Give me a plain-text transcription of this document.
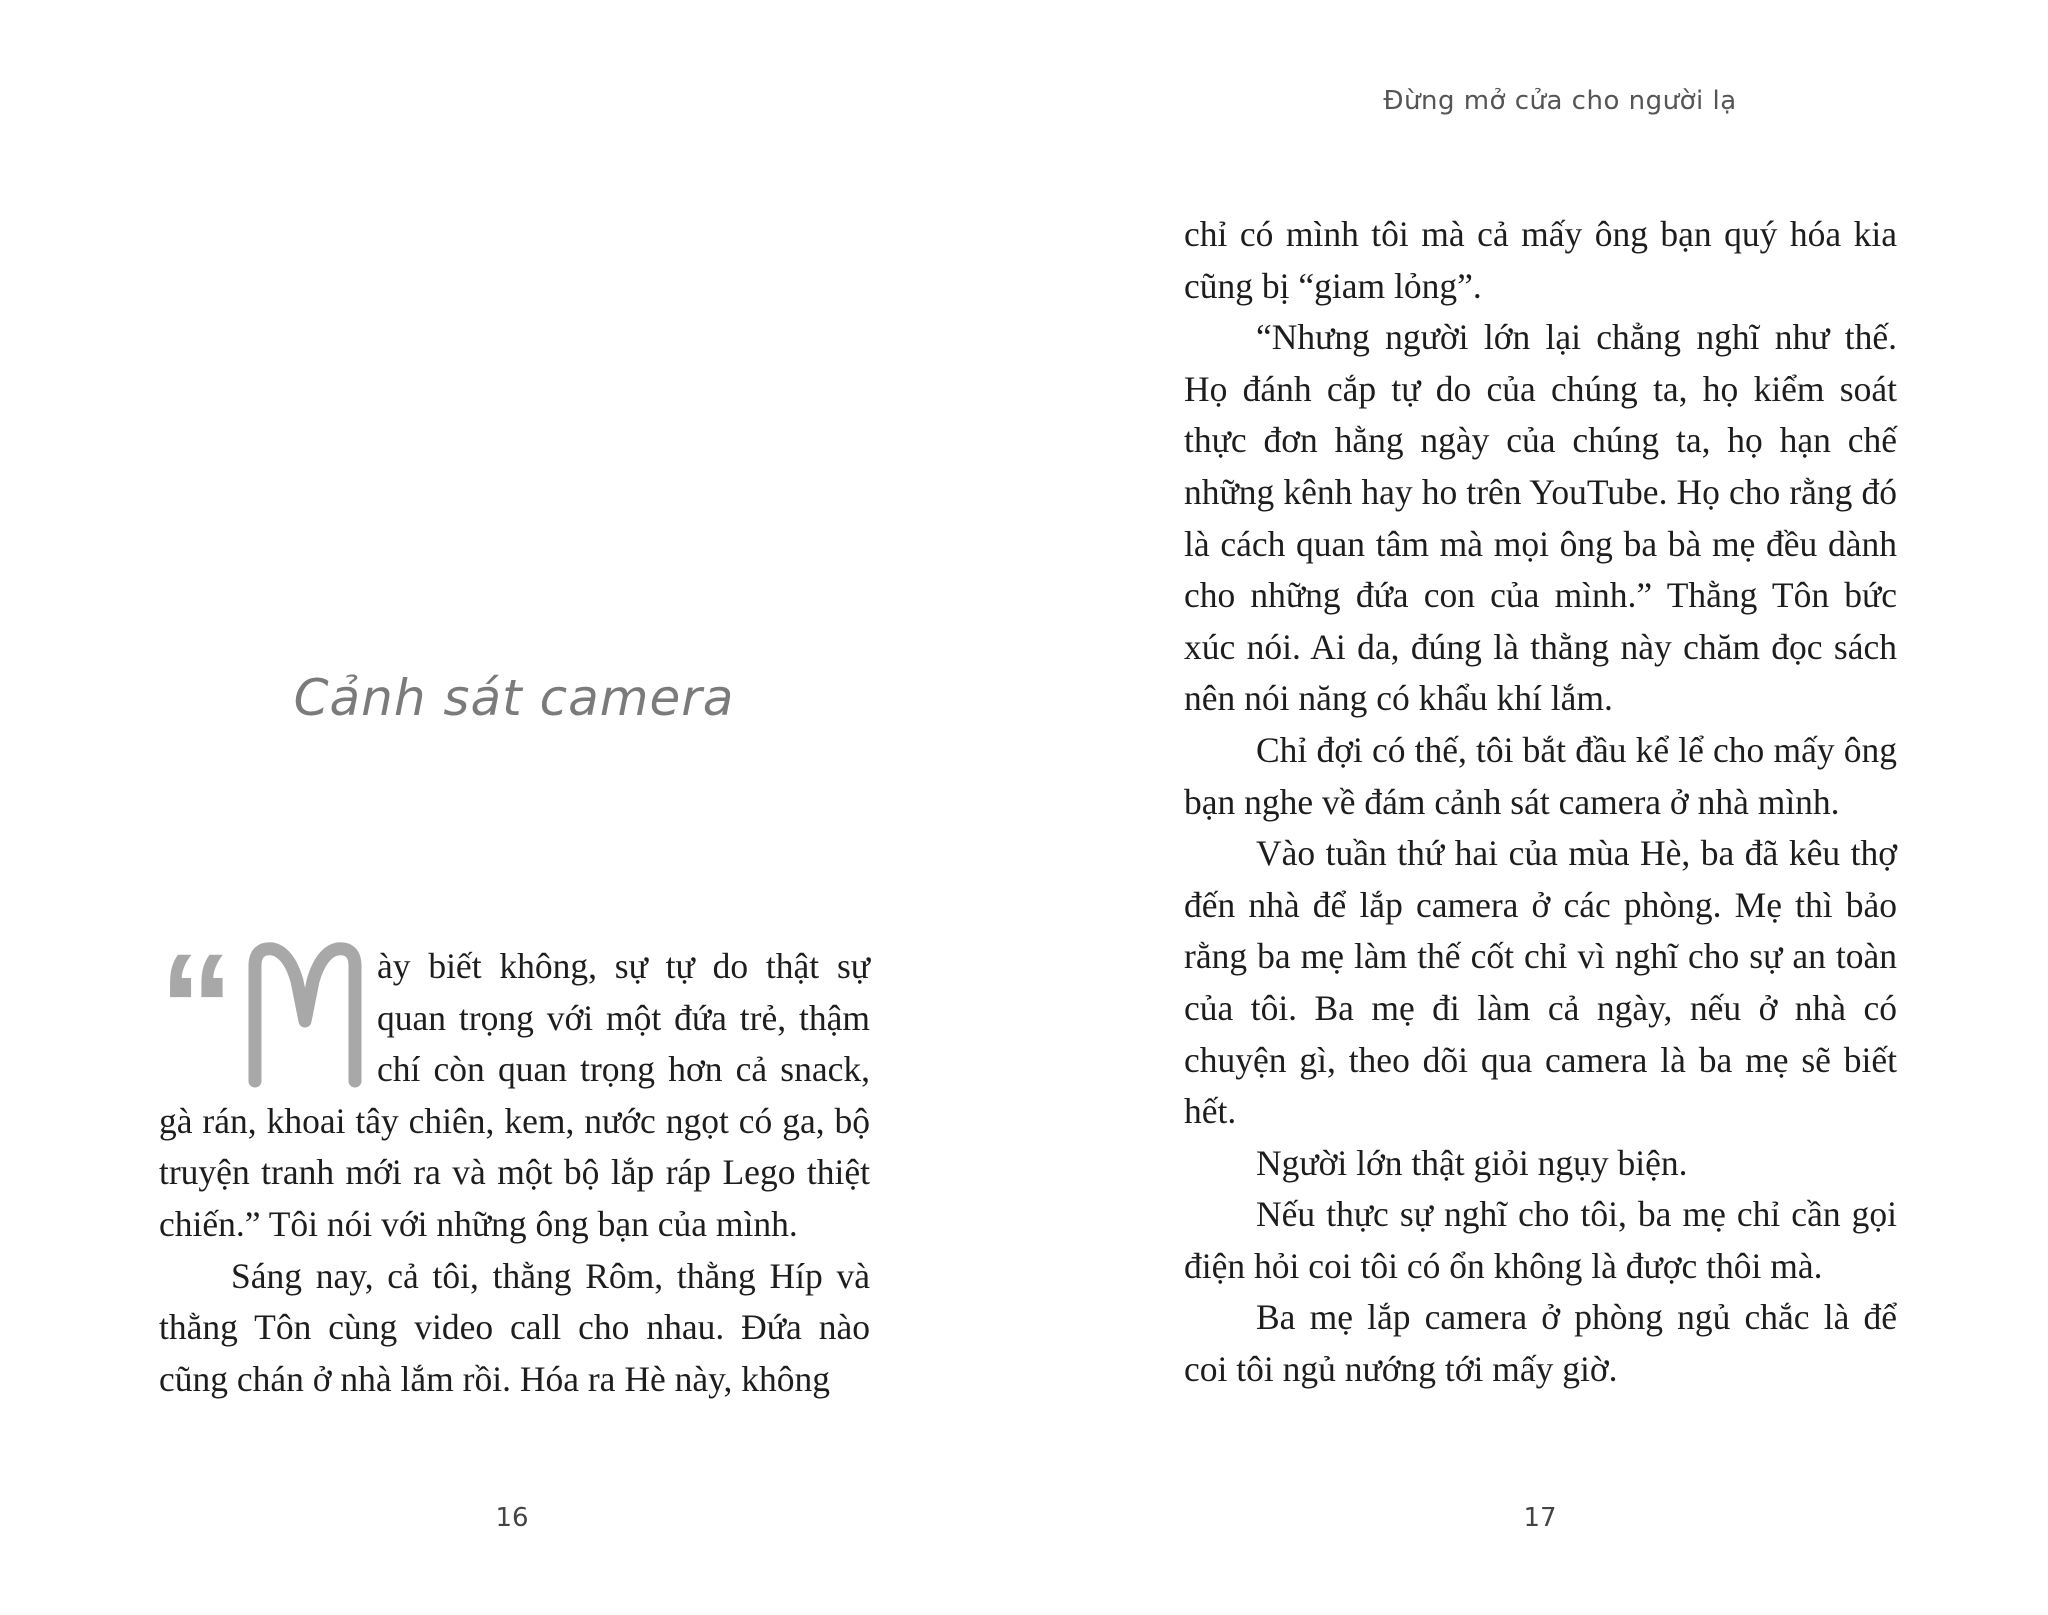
Đừng mở cửa cho người lạ
Cảnh sát camera
“	ày biết không, sự tự do thật sự quan trọng với một đứa trẻ, thậm chí còn quan trọng hơn cả snack, gà rán, khoai tây chiên, kem, nước ngọt có ga, bộ truyện tranh mới ra và một bộ lắp ráp Lego thiệt chiến.” Tôi nói với những ông bạn của mình.

Sáng nay, cả tôi, thằng Rôm, thằng Híp và thằng Tôn cùng video call cho nhau. Đứa nào cũng chán ở nhà lắm rồi. Hóa ra Hè này, không

chỉ có mình tôi mà cả mấy ông bạn quý hóa kia cũng bị “giam lỏng”.

“Nhưng người lớn lại chẳng nghĩ như thế. Họ đánh cắp tự do của chúng ta, họ kiểm soát thực đơn hằng ngày của chúng ta, họ hạn chế những kênh hay ho trên YouTube. Họ cho rằng đó là cách quan tâm mà mọi ông ba bà mẹ đều dành cho những đứa con của mình.” Thằng Tôn bức xúc nói. Ai da, đúng là thằng này chăm đọc sách nên nói năng có khẩu khí lắm.

Chỉ đợi có thế, tôi bắt đầu kể lể cho mấy ông bạn nghe về đám cảnh sát camera ở nhà mình.

Vào tuần thứ hai của mùa Hè, ba đã kêu thợ đến nhà để lắp camera ở các phòng. Mẹ thì bảo rằng ba mẹ làm thế cốt chỉ vì nghĩ cho sự an toàn của tôi. Ba mẹ đi làm cả ngày, nếu ở nhà có chuyện gì, theo dõi qua camera là ba mẹ sẽ biết hết.

Người lớn thật giỏi ngụy biện.

Nếu thực sự nghĩ cho tôi, ba mẹ chỉ cần gọi điện hỏi coi tôi có ổn không là được thôi mà.

Ba mẹ lắp camera ở phòng ngủ chắc là để coi tôi ngủ nướng tới mấy giờ.

16	17
